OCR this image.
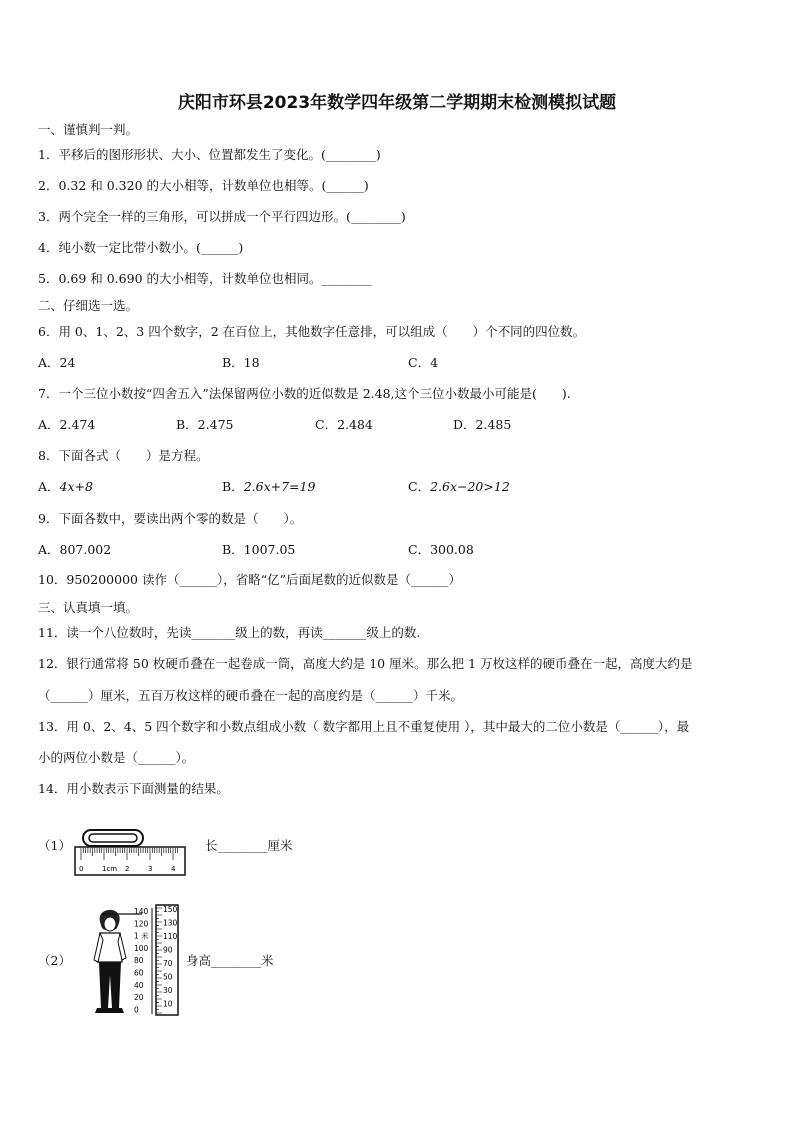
庆阳市环县2023年数学四年级第二学期期末检测模拟试题
一、谨慎判一判。
1．平移后的图形形状、大小、位置都发生了变化。(________)
2．0.32 和 0.320 的大小相等，计数单位也相等。(______)
3．两个完全一样的三角形，可以拼成一个平行四边形。(________)
4．纯小数一定比带小数小。(______)
5．0.69 和 0.690 的大小相等，计数单位也相同。________
二、仔细选一选。
6．用 0、1、2、3 四个数字，2 在百位上，其他数字任意排，可以组成（　　）个不同的四位数。
A．24	B．18	C．4
7．一个三位小数按“四舍五入”法保留两位小数的近似数是 2.48,这个三位小数最小可能是(　　).
A．2.474	B．2.475	C．2.484	D．2.485
8．下面各式（　　）是方程。
A．4x+8	B．2.6x+7=19	C．2.6x−20>12
9．下面各数中，要读出两个零的数是（　　）。
A．807.002	B．1007.05	C．300.08
10．950200000 读作（______），省略“亿”后面尾数的近似数是（______）
三、认真填一填。
11．读一个八位数时，先读_______级上的数，再读_______级上的数.
12．银行通常将 50 枚硬币叠在一起卷成一筒，高度大约是 10 厘米。那么把 1 万枚这样的硬币叠在一起，高度大约是
（______）厘米，五百万枚这样的硬币叠在一起的高度约是（______）千米。
13．用 0、2、4、5 四个数字和小数点组成小数（ 数字都用上且不重复使用 ），其中最大的二位小数是（______），最
小的两位小数是（______）。
14．用小数表示下面测量的结果。
（1）
0	1cm 2	3	4
长________厘米
（2）
140
120
1 米
100
80
60
40
20
0
150
130
110
90
70
50
30
10
身高________米
